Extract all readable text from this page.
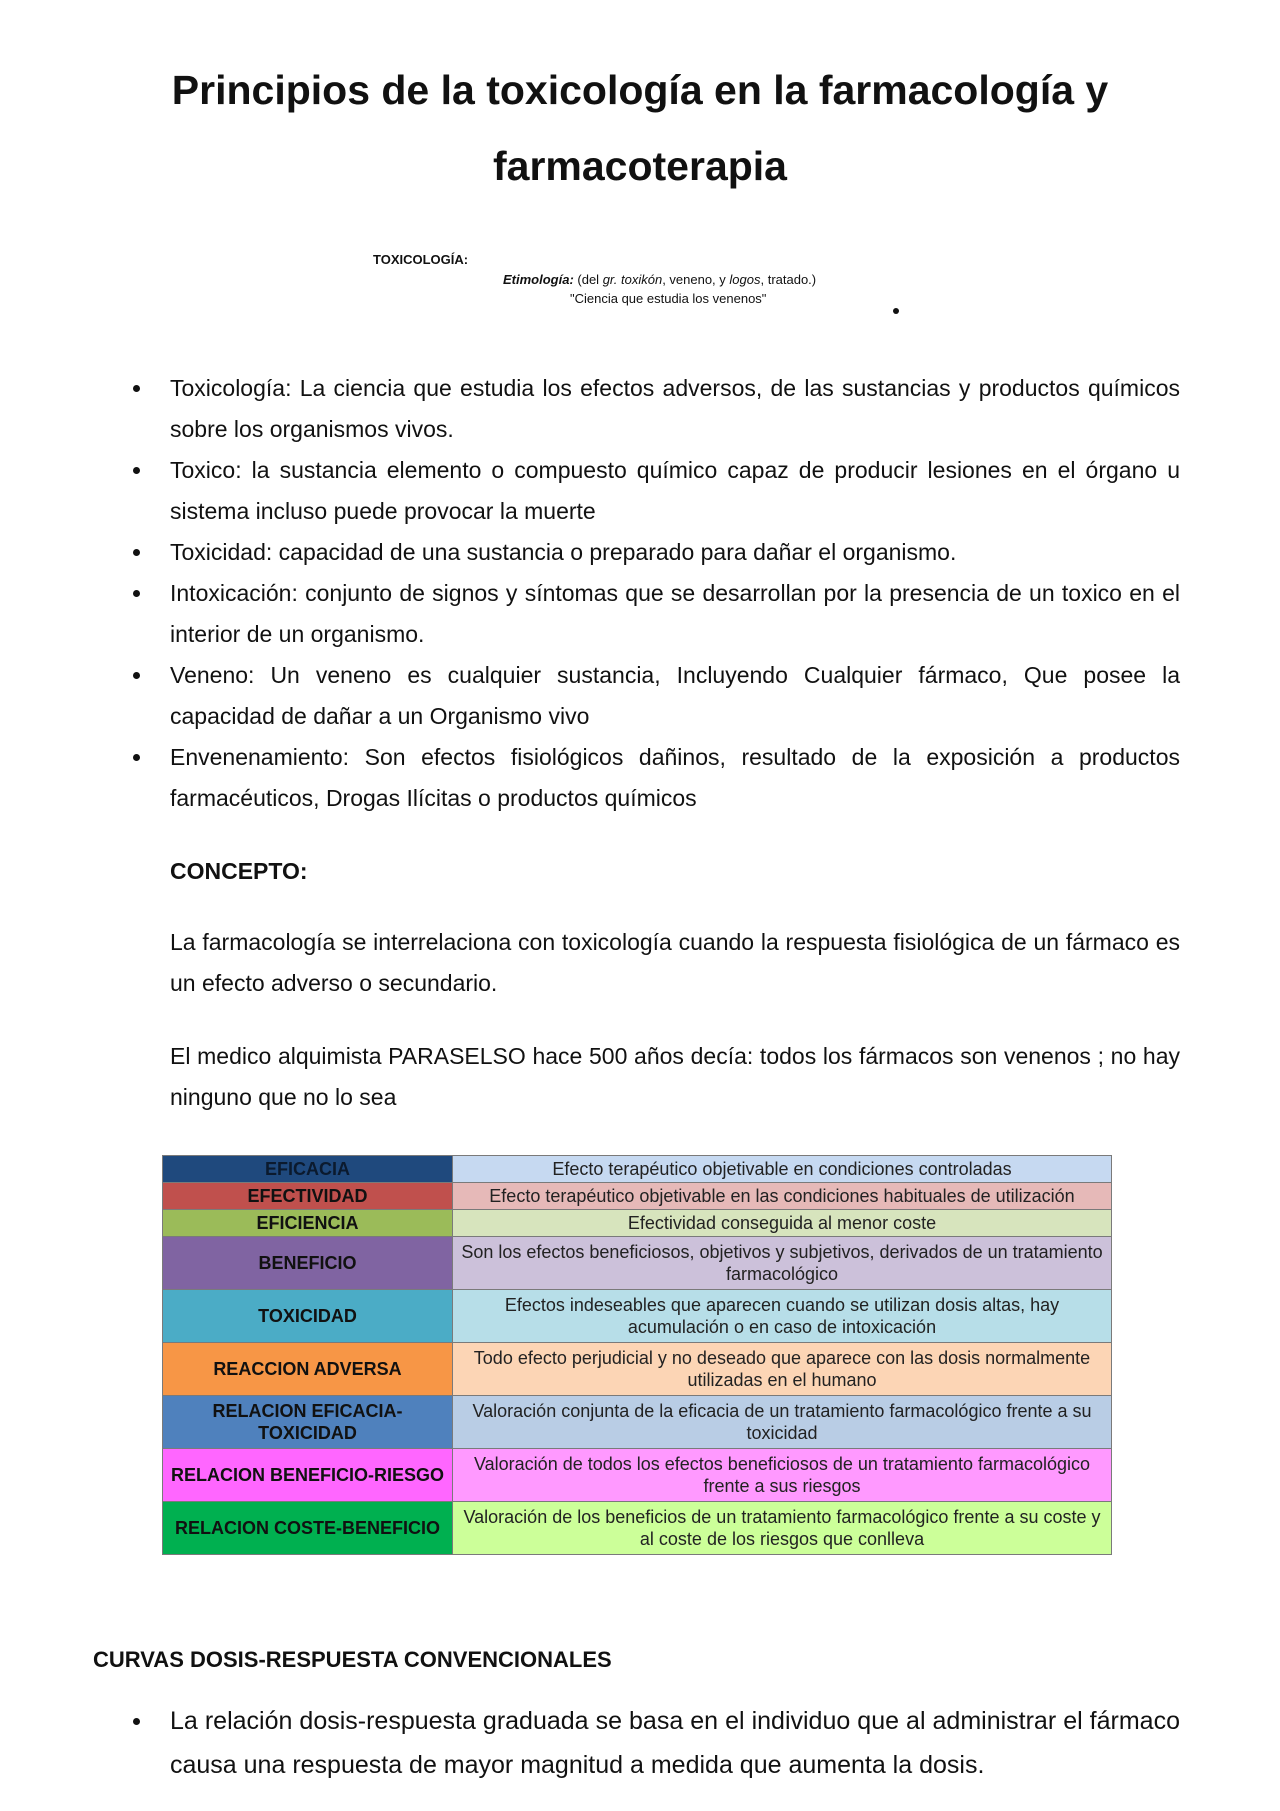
Principios de la toxicología en la farmacología y
farmacoterapia
TOXICOLOGÍA:
Etimología: (del gr. toxikón, veneno, y logos, tratado.)
"Ciencia que estudia los venenos"
Toxicología: La ciencia que estudia los efectos adversos, de las sustancias y productos químicos sobre los organismos vivos.
Toxico: la sustancia elemento o compuesto químico capaz de producir lesiones en el órgano u sistema incluso puede provocar la muerte
Toxicidad: capacidad de una sustancia o preparado para dañar el organismo.
Intoxicación: conjunto de signos y síntomas que se desarrollan por la presencia de un toxico en el interior de un organismo.
Veneno: Un veneno es cualquier sustancia, Incluyendo Cualquier fármaco, Que posee la capacidad de dañar a un Organismo vivo
Envenenamiento: Son efectos fisiológicos dañinos, resultado de la exposición a productos farmacéuticos, Drogas Ilícitas o productos químicos
CONCEPTO:

La farmacología se interrelaciona con toxicología cuando la respuesta fisiológica de un fármaco es un efecto adverso o secundario.

El medico alquimista PARASELSO hace 500 años decía: todos los fármacos son venenos ; no hay ninguno que no lo sea

EFICACIA	Efecto terapéutico objetivable en condiciones controladas
EFECTIVIDAD	Efecto terapéutico objetivable en las condiciones habituales de utilización
EFICIENCIA	Efectividad conseguida al menor coste
BENEFICIO	Son los efectos beneficiosos, objetivos y subjetivos, derivados de un tratamiento farmacológico
TOXICIDAD	Efectos indeseables que aparecen cuando se utilizan dosis altas, hay acumulación o en caso de intoxicación
REACCION ADVERSA	Todo efecto perjudicial y no deseado que aparece con las dosis normalmente utilizadas en el humano
RELACION EFICACIA-TOXICIDAD	Valoración conjunta de la eficacia de un tratamiento farmacológico frente a su toxicidad
RELACION BENEFICIO-RIESGO	Valoración de todos los efectos beneficiosos de un tratamiento farmacológico frente a sus riesgos
RELACION COSTE-BENEFICIO	Valoración de los beneficios de un tratamiento farmacológico frente a su coste y al coste de los riesgos que conlleva
CURVAS DOSIS-RESPUESTA CONVENCIONALES
La relación dosis-respuesta graduada se basa en el individuo que al administrar el fármaco causa una respuesta de mayor magnitud a medida que aumenta la dosis.
